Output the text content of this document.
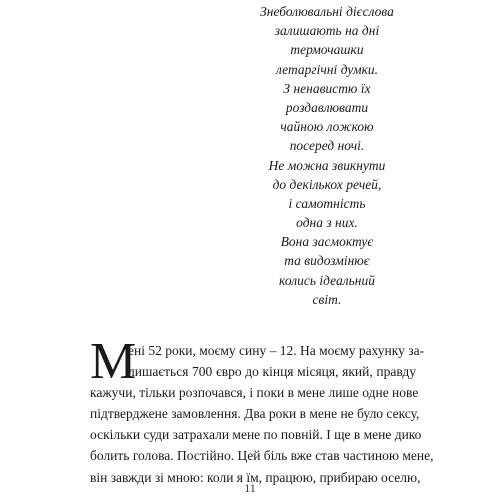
Знеболювальні дієслова
залишають на дні
термочашки
летаргічні думки.
З ненавистю їх
роздавлювати
чайною ложкою
посеред ночі.
Не можна звикнути
до декількох речей,
і самотність
одна з них.
Вона засмоктує
та видозмінює
колись ідеальний
світ.
М
ені 52 роки, моєму сину – 12. На моєму рахунку за-
лишається 700 євро до кінця місяця, який, правду
кажучи, тільки розпочався, і поки в мене лише одне нове
підтверджене замовлення. Два роки в мене не було сексу,
оскільки суди затрахали мене по повній. І ще в мене дико
болить голова. Постійно. Цей біль вже став частиною мене,
він завжди зі мною: коли я їм, працюю, прибираю оселю,
11
